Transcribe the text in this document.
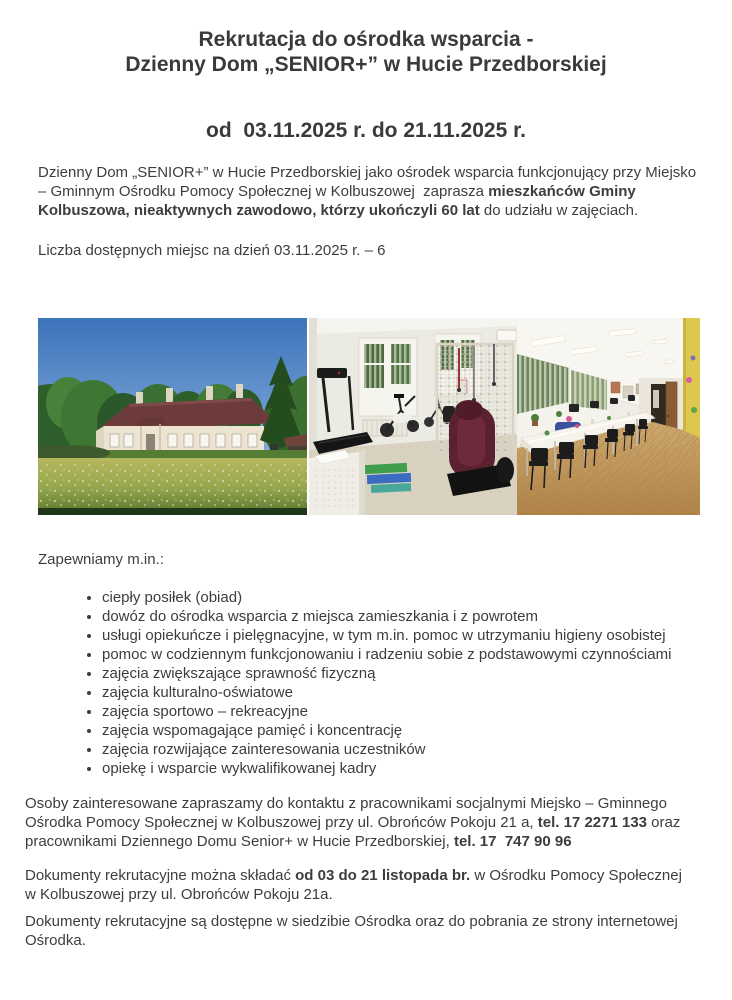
Rekrutacja do ośrodka wsparcia -
Dzienny Dom „SENIOR+” w Hucie Przedborskiej
od  03.11.2025 r. do 21.11.2025 r.

Dzienny Dom „SENIOR+” w Hucie Przedborskiej jako ośrodek wsparcia funkcjonujący przy Miejsko – Gminnym Ośrodku Pomocy Społecznej w Kolbuszowej  zaprasza mieszkańców Gminy Kolbuszowa, nieaktywnych zawodowo, którzy ukończyli 60 lat do udziału w zajęciach.

Liczba dostępnych miejsc na dzień 03.11.2025 r. – 6

Zapewniamy m.in.:

• ciepły posiłek (obiad)
• dowóz do ośrodka wsparcia z miejsca zamieszkania i z powrotem
• usługi opiekuńcze i pielęgnacyjne, w tym m.in. pomoc w utrzymaniu higieny osobistej
• pomoc w codziennym funkcjonowaniu i radzeniu sobie z podstawowymi czynnościami
• zajęcia zwiększające sprawność fizyczną
• zajęcia kulturalno-oświatowe
• zajęcia sportowo – rekreacyjne
• zajęcia wspomagające pamięć i koncentrację
• zajęcia rozwijające zainteresowania uczestników
• opiekę i wsparcie wykwalifikowanej kadry

Osoby zainteresowane zapraszamy do kontaktu z pracownikami socjalnymi Miejsko – Gminnego Ośrodka Pomocy Społecznej w Kolbuszowej przy ul. Obrońców Pokoju 21 a, tel. 17 2271 133 oraz pracownikami Dziennego Domu Senior+ w Hucie Przedborskiej, tel. 17  747 90 96

Dokumenty rekrutacyjne można składać od 03 do 21 listopada br. w Ośrodku Pomocy Społecznej w Kolbuszowej przy ul. Obrońców Pokoju 21a.

Dokumenty rekrutacyjne są dostępne w siedzibie Ośrodka oraz do pobrania ze strony internetowej Ośrodka.
